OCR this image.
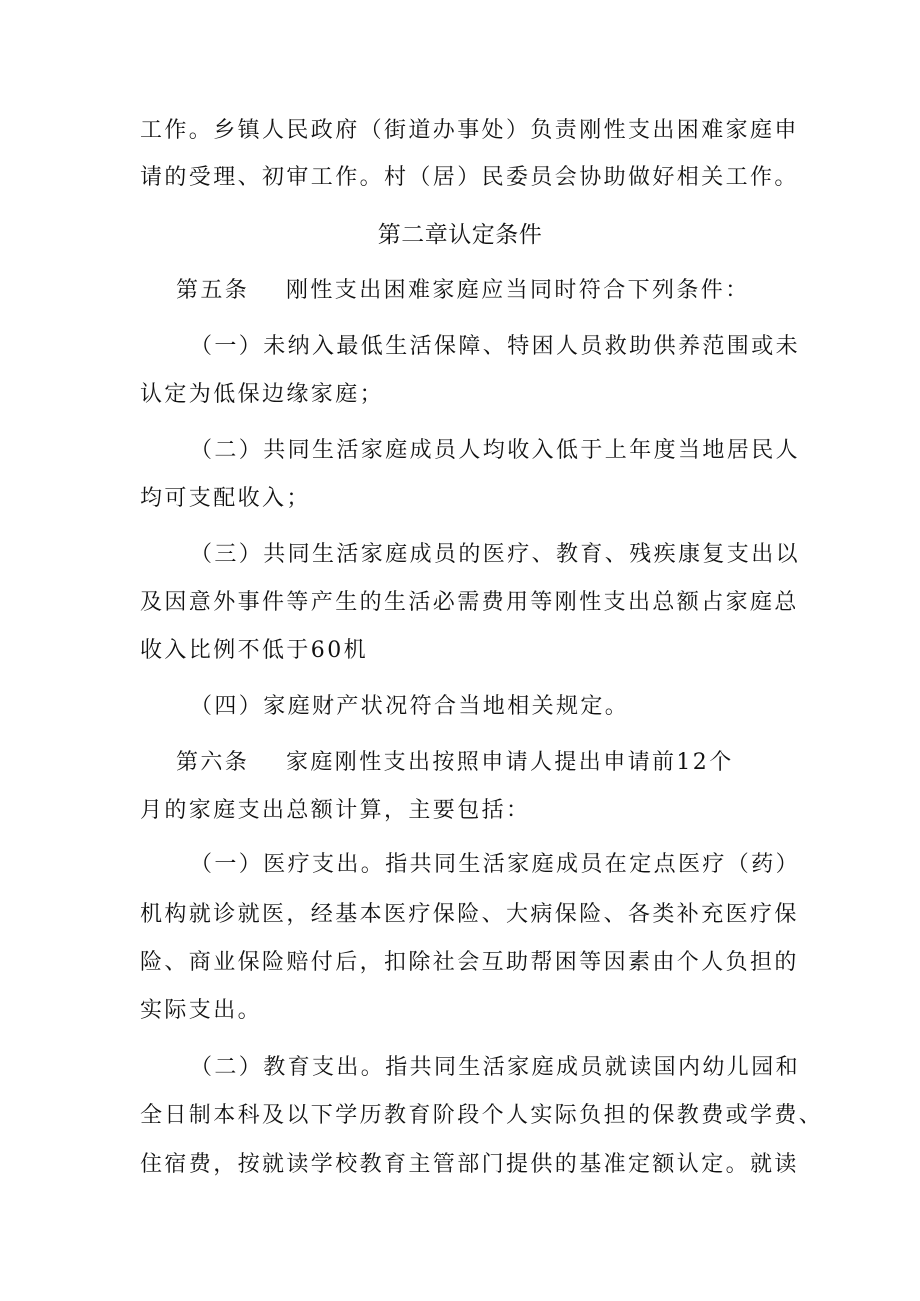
工作。乡镇人民政府（街道办事处）负责刚性支出困难家庭申
请的受理、初审工作。村（居）民委员会协助做好相关工作。
第二章认定条件
第五条 刚性支出困难家庭应当同时符合下列条件：
（一）未纳入最低生活保障、特困人员救助供养范围或未
认定为低保边缘家庭；
（二）共同生活家庭成员人均收入低于上年度当地居民人
均可支配收入；
（三）共同生活家庭成员的医疗、教育、残疾康复支出以
及因意外事件等产生的生活必需费用等刚性支出总额占家庭总
收入比例不低于60机
（四）家庭财产状况符合当地相关规定。
第六条 家庭刚性支出按照申请人提出申请前12个
月的家庭支出总额计算，主要包括：
（一）医疗支出。指共同生活家庭成员在定点医疗（药）
机构就诊就医，经基本医疗保险、大病保险、各类补充医疗保
险、商业保险赔付后，扣除社会互助帮困等因素由个人负担的
实际支出。
（二）教育支出。指共同生活家庭成员就读国内幼儿园和
全日制本科及以下学历教育阶段个人实际负担的保教费或学费、
住宿费，按就读学校教育主管部门提供的基准定额认定。就读
